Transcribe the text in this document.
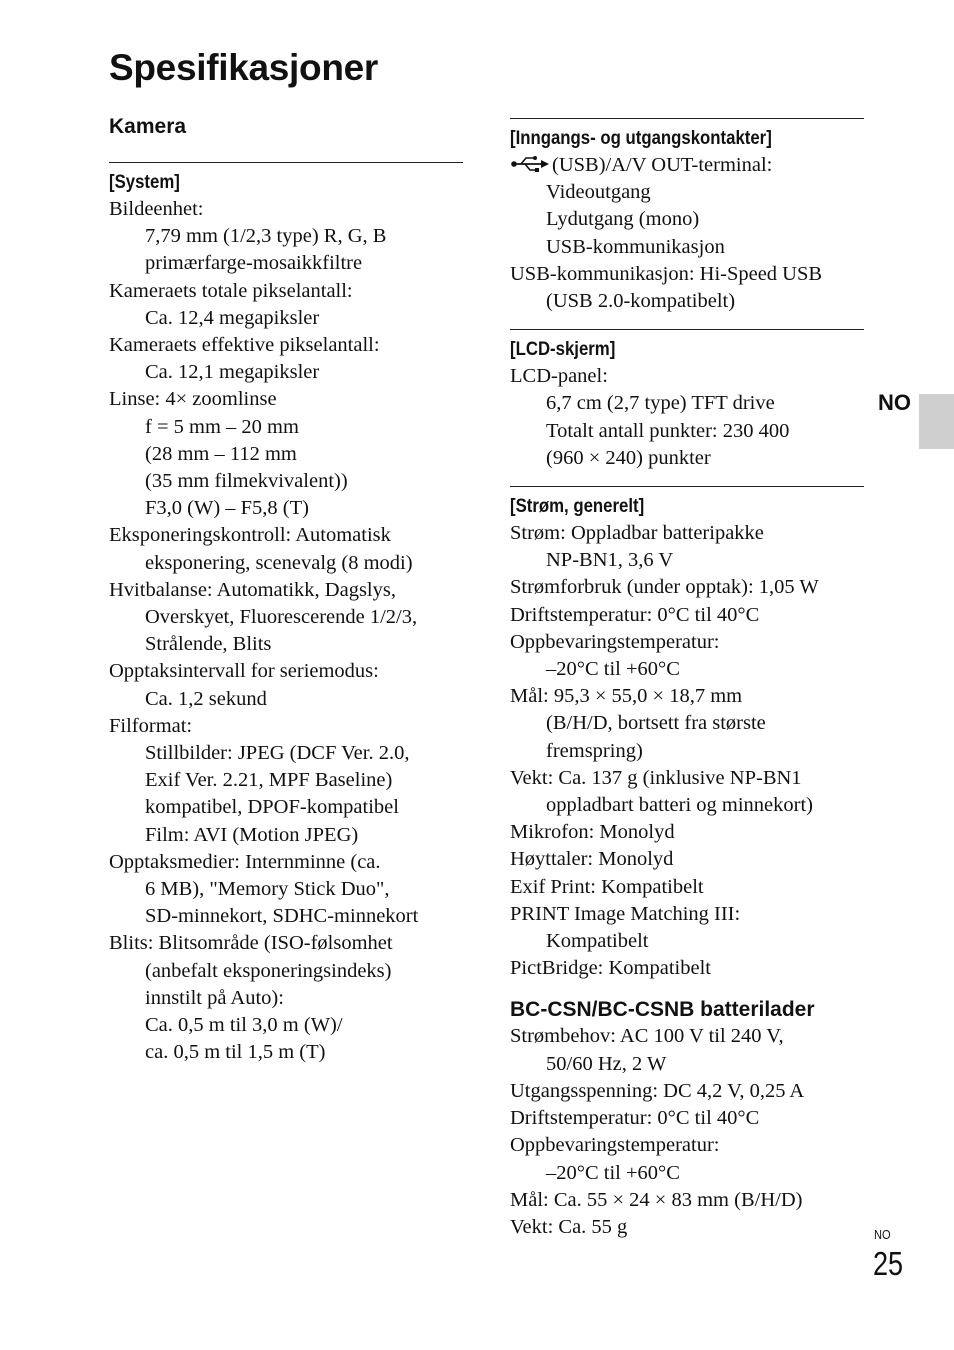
Spesifikasjoner
Kamera
[System]
Bildeenhet:
7,79 mm (1/2,3 type) R, G, B
primærfarge-mosaikkfiltre
Kameraets totale pikselantall:
Ca. 12,4 megapiksler
Kameraets effektive pikselantall:
Ca. 12,1 megapiksler
Linse: 4× zoomlinse
f = 5 mm – 20 mm
(28 mm – 112 mm
(35 mm filmekvivalent))
F3,0 (W) – F5,8 (T)
Eksponeringskontroll: Automatisk
eksponering, scenevalg (8 modi)
Hvitbalanse: Automatikk, Dagslys,
Overskyet, Fluorescerende 1/2/3,
Strålende, Blits
Opptaksintervall for seriemodus:
Ca. 1,2 sekund
Filformat:
Stillbilder: JPEG (DCF Ver. 2.0,
Exif Ver. 2.21, MPF Baseline)
kompatibel, DPOF-kompatibel
Film: AVI (Motion JPEG)
Opptaksmedier: Internminne (ca.
6 MB), "Memory Stick Duo",
SD-minnekort, SDHC-minnekort
Blits: Blitsområde (ISO-følsomhet
(anbefalt eksponeringsindeks)
innstilt på Auto):
Ca. 0,5 m til 3,0 m (W)/
ca. 0,5 m til 1,5 m (T)
[Inngangs- og utgangskontakter]
(USB)/A/V OUT-terminal:
Videoutgang
Lydutgang (mono)
USB-kommunikasjon
USB-kommunikasjon: Hi-Speed USB
(USB 2.0-kompatibelt)
[LCD-skjerm]
LCD-panel:
6,7 cm (2,7 type) TFT drive
Totalt antall punkter: 230 400
(960 × 240) punkter
[Strøm, generelt]
Strøm: Oppladbar batteripakke
NP-BN1, 3,6 V
Strømforbruk (under opptak): 1,05 W
Driftstemperatur: 0°C til 40°C
Oppbevaringstemperatur:
–20°C til +60°C
Mål: 95,3 × 55,0 × 18,7 mm
(B/H/D, bortsett fra største
fremspring)
Vekt: Ca. 137 g (inklusive NP-BN1
oppladbart batteri og minnekort)
Mikrofon: Monolyd
Høyttaler: Monolyd
Exif Print: Kompatibelt
PRINT Image Matching III:
Kompatibelt
PictBridge: Kompatibelt
BC-CSN/BC-CSNB batterilader
Strømbehov: AC 100 V til 240 V,
50/60 Hz, 2 W
Utgangsspenning: DC 4,2 V, 0,25 A
Driftstemperatur: 0°C til 40°C
Oppbevaringstemperatur:
–20°C til +60°C
Mål: Ca. 55 × 24 × 83 mm (B/H/D)
Vekt: Ca. 55 g
NO
NO
25
